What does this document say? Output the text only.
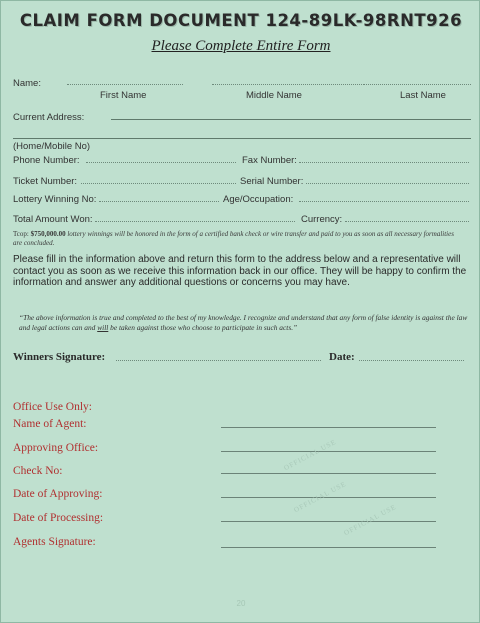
CLAIM FORM DOCUMENT 124-89LK-98RNT926
Please Complete Entire Form
Name:
First Name	Middle Name	Last Name
Current Address:
(Home/Mobile No)
Phone Number:	Fax Number:
Ticket Number:	Serial Number:
Lottery Winning No:	Age/Occupation:
Total Amount Won:	Currency:
Tcop: $750,000.00 lottery winnings will be honored in the form of a certified bank check or wire transfer and paid to you as soon as all necessary formalities are concluded.
Please fill in the information above and return this form to the address below and a representative will contact you as soon as we receive this information back in our office. They will be happy to confirm the information and answer any additional questions or concerns you may have.
“The above information is true and completed to the best of my knowledge. I recognize and understand that any form of false identity is against the law and legal actions can and will be taken against those who choose to participate in such acts.”
Winners Signature:	Date:
Office Use Only:
Name of Agent:
Approving Office:
Check No:
Date of Approving:
Date of Processing:
Agents Signature:
OFFICIAL USE
OFFICIAL USE
OFFICIAL USE
20
